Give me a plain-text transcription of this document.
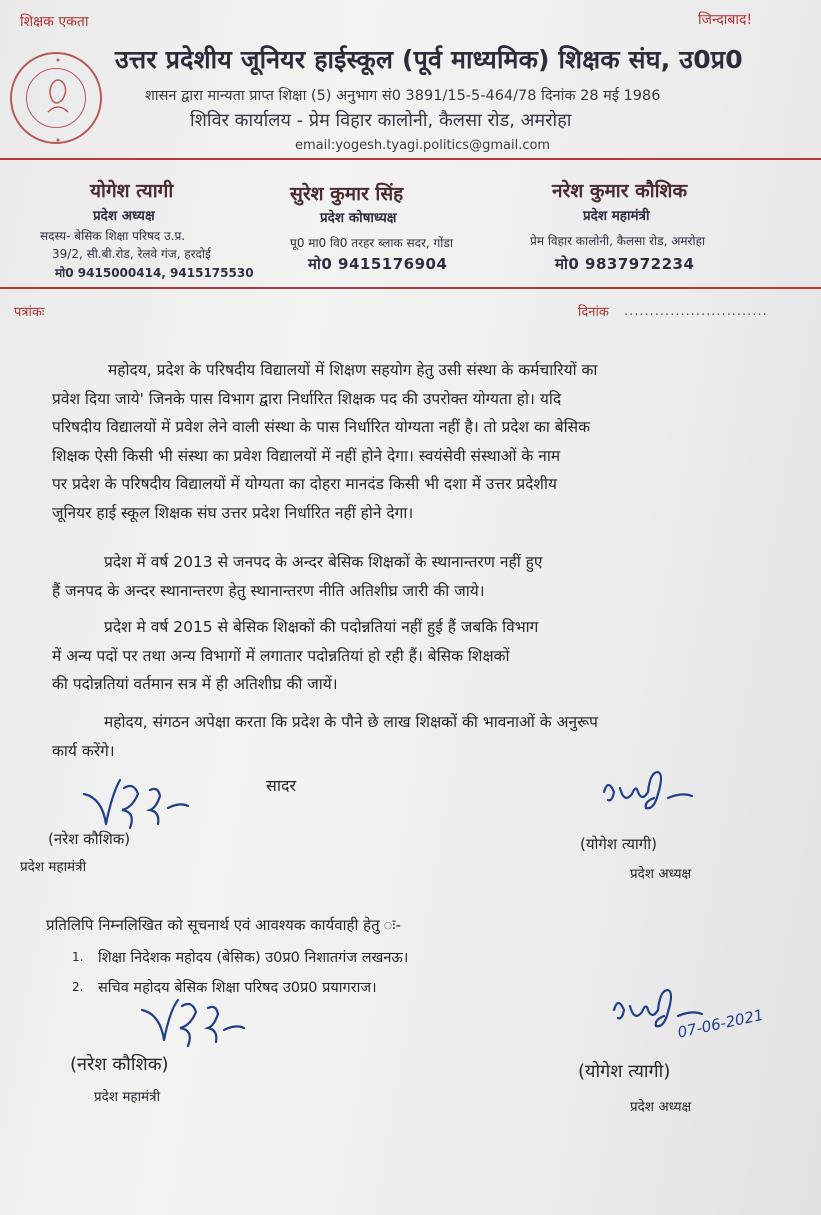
शिक्षक एकता	जिन्दाबाद!
उत्तर प्रदेशीय जूनियर हाईस्कूल (पूर्व माध्यमिक) शिक्षक संघ, उ0प्र0
शासन द्वारा मान्यता प्राप्त शिक्षा (5) अनुभाग सं0 3891/15-5-464/78 दिनांक 28 मई 1986
शिविर कार्यालय - प्रेम विहार कालोनी, कैलसा रोड, अमरोहा
email:yogesh.tyagi.politics@gmail.com
योगेश त्यागी
प्रदेश अध्यक्ष
सदस्य- बेसिक शिक्षा परिषद उ.प्र.
39/2, सी.बी.रोड, रेलवे गंज, हरदोई
मो0 9415000414, 9415175530
सुरेश कुमार सिंह
प्रदेश कोषाध्यक्ष
पू0 मा0 वि0 तरहर ब्लाक सदर, गोंडा
मो0 9415176904
नरेश कुमार कौशिक
प्रदेश महामंत्री
प्रेम विहार कालोनी, कैलसा रोड, अमरोहा
मो0 9837972234
पत्रांकः	दिनांक ............................
महोदय, प्रदेश के परिषदीय विद्यालयों में शिक्षण सहयोग हेतु उसी संस्था के कर्मचारियों का
प्रवेश दिया जाये' जिनके पास विभाग द्वारा निर्धारित शिक्षक पद की उपरोक्त योग्यता हो। यदि
परिषदीय विद्यालयों में प्रवेश लेने वाली संस्था के पास निर्धारित योग्यता नहीं है। तो प्रदेश का बेसिक
शिक्षक ऐसी किसी भी संस्था का प्रवेश विद्यालयों में नहीं होने देगा। स्वयंसेवी संस्थाओं के नाम
पर प्रदेश के परिषदीय विद्यालयों में योग्यता का दोहरा मानदंड किसी भी दशा में उत्तर प्रदेशीय
जूनियर हाई स्कूल शिक्षक संघ उत्तर प्रदेश निर्धारित नहीं होने देगा।
प्रदेश में वर्ष 2013 से जनपद के अन्दर बेसिक शिक्षकों के स्थानान्तरण नहीं हुए
हैं जनपद के अन्दर स्थानान्तरण हेतु स्थानान्तरण नीति अतिशीघ्र जारी की जाये।
प्रदेश मे वर्ष 2015 से बेसिक शिक्षकों की पदोन्नतियां नहीं हुई हैं जबकि विभाग
में अन्य पदों पर तथा अन्य विभागों में लगातार पदोन्नतियां हो रही हैं। बेसिक शिक्षकों
की पदोन्नतियां वर्तमान सत्र में ही अतिशीघ्र की जायें।
महोदय, संगठन अपेक्षा करता कि प्रदेश के पौने छे लाख शिक्षकों की भावनाओं के अनुरूप
कार्य करेंगे।
सादर
(नरेश कौशिक)
प्रदेश महामंत्री
(योगेश त्यागी)
प्रदेश अध्यक्ष
प्रतिलिपि निम्नलिखित को सूचनार्थ एवं आवश्यक कार्यवाही हेतु ः-
1. शिक्षा निदेशक महोदय (बेसिक) उ0प्र0 निशातगंज लखनऊ।
2. सचिव महोदय बेसिक शिक्षा परिषद उ0प्र0 प्रयागराज।
07-06-2021
(नरेश कौशिक)
प्रदेश महामंत्री
(योगेश त्यागी)
प्रदेश अध्यक्ष
